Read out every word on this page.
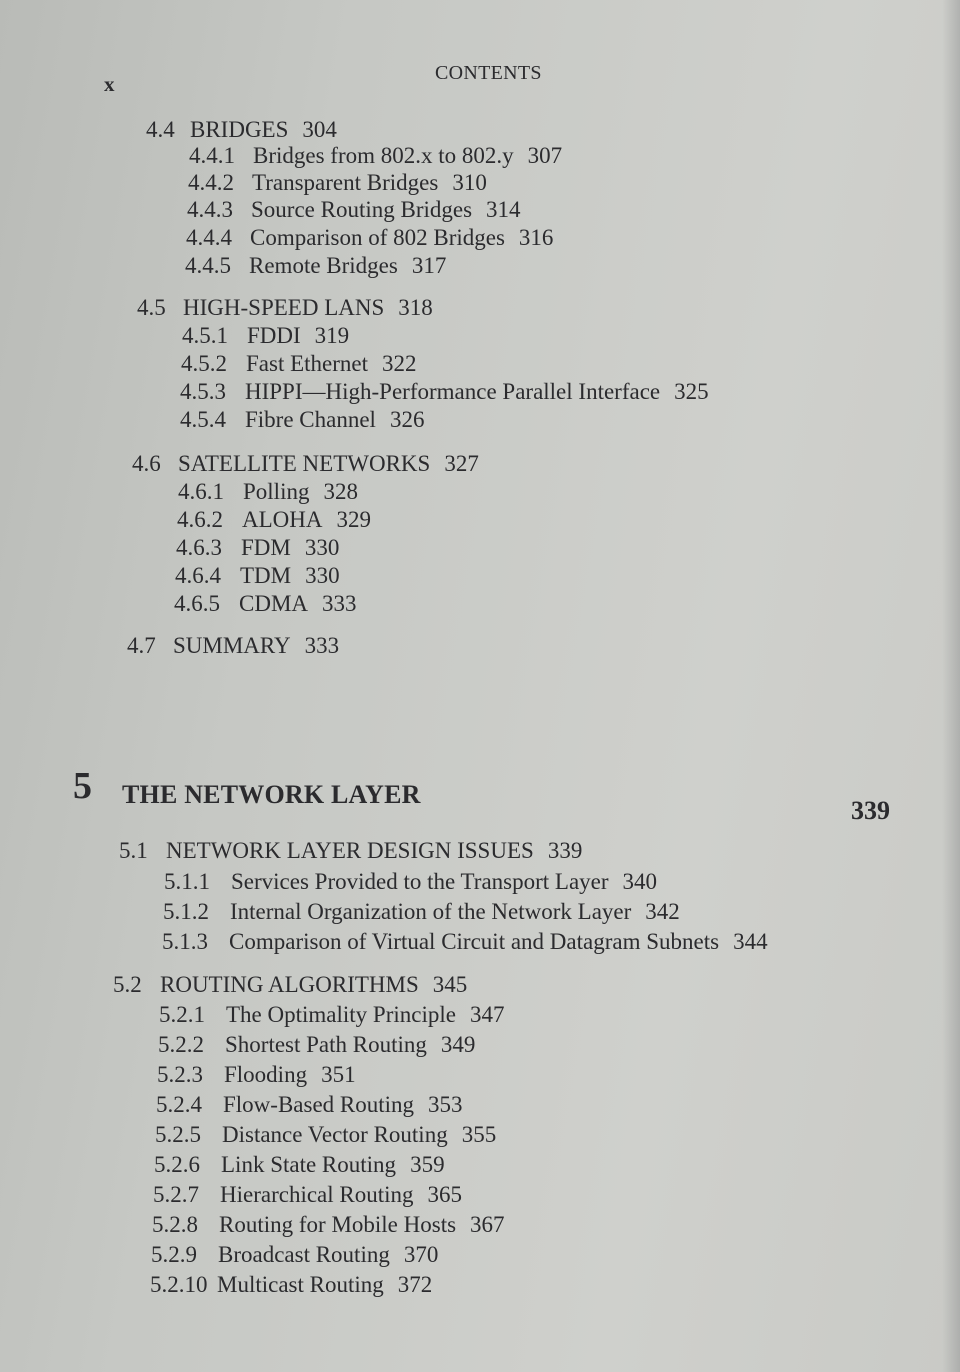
x	CONTENTS
4.4 BRIDGES 304
4.4.1 Bridges from 802.x to 802.y 307
4.4.2 Transparent Bridges 310
4.4.3 Source Routing Bridges 314
4.4.4 Comparison of 802 Bridges 316
4.4.5 Remote Bridges 317
4.5 HIGH-SPEED LANS 318
4.5.1 FDDI 319
4.5.2 Fast Ethernet 322
4.5.3 HIPPI—High-Performance Parallel Interface 325
4.5.4 Fibre Channel 326
4.6 SATELLITE NETWORKS 327
4.6.1 Polling 328
4.6.2 ALOHA 329
4.6.3 FDM 330
4.6.4 TDM 330
4.6.5 CDMA 333
4.7 SUMMARY 333
5 THE NETWORK LAYER
339
5.1 NETWORK LAYER DESIGN ISSUES 339
5.1.1 Services Provided to the Transport Layer 340
5.1.2 Internal Organization of the Network Layer 342
5.1.3 Comparison of Virtual Circuit and Datagram Subnets 344
5.2 ROUTING ALGORITHMS 345
5.2.1 The Optimality Principle 347
5.2.2 Shortest Path Routing 349
5.2.3 Flooding 351
5.2.4 Flow-Based Routing 353
5.2.5 Distance Vector Routing 355
5.2.6 Link State Routing 359
5.2.7 Hierarchical Routing 365
5.2.8 Routing for Mobile Hosts 367
5.2.9 Broadcast Routing 370
5.2.10 Multicast Routing 372
